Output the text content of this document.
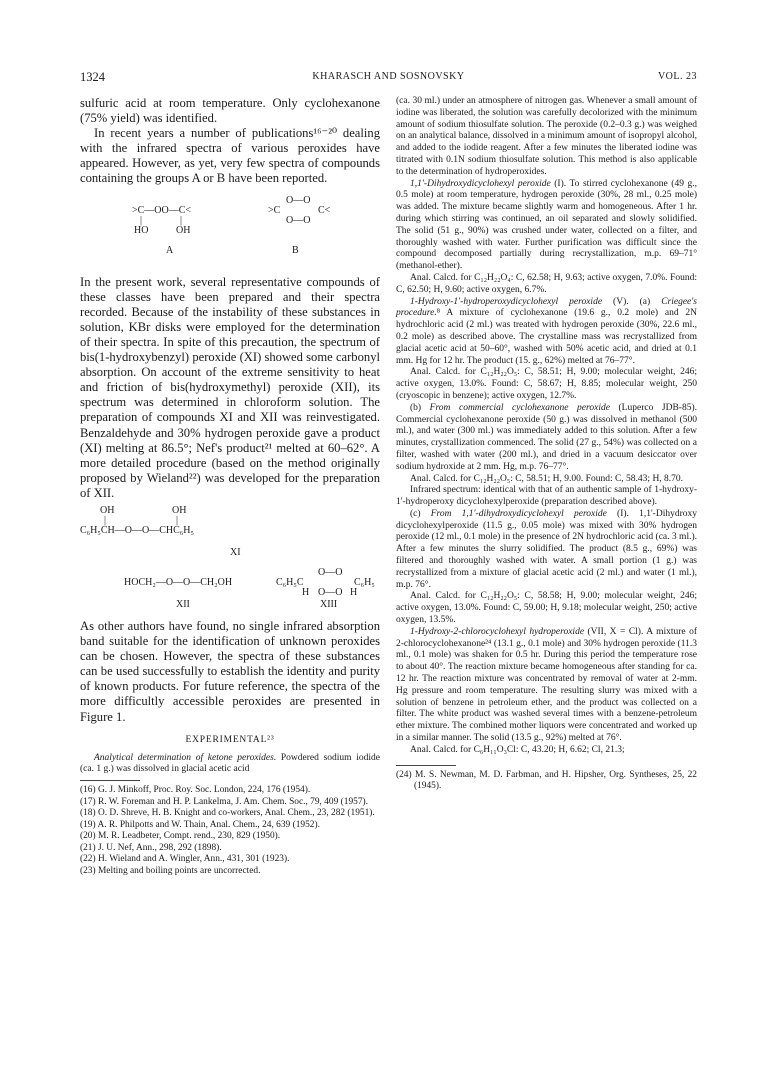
1324	KHARASCH AND SOSNOVSKY	VOL. 23

sulfuric acid at room temperature. Only cyclohexanone (75% yield) was identified.

In recent years a number of publications¹⁶⁻²⁰ dealing with the infrared spectra of various peroxides have appeared. However, as yet, very few spectra of compounds containing the groups A or B have been reported.

>C—OO—C<
|	|
HO	OH
A
O—O
>C	C<
O—O
B

In the present work, several representative compounds of these classes have been prepared and their spectra recorded. Because of the instability of these substances in solution, KBr disks were employed for the determination of their spectra. In spite of this precaution, the spectrum of bis(1-hydroxybenzyl) peroxide (XI) showed some carbonyl absorption. On account of the extreme sensitivity to heat and friction of bis(hydroxymethyl) peroxide (XII), its spectrum was determined in chloroform solution. The preparation of compounds XI and XII was reinvestigated. Benzaldehyde and 30% hydrogen peroxide gave a product (XI) melting at 86.5°; Nef's product²¹ melted at 60–62°. A more detailed procedure (based on the method originally proposed by Wieland²²) was developed for the preparation of XII.

OH	OH
|	|
C₆H₅CH—O—O—CHC₆H₅
XI
HOCH₂—O—O—CH₂OH
XII
O—O
C₆H₅C	C₆H₅
H O—O H
XIII

As other authors have found, no single infrared absorption band suitable for the identification of unknown peroxides can be chosen. However, the spectra of these substances can be used successfully to establish the identity and purity of known products. For future reference, the spectra of the more difficultly accessible peroxides are presented in Figure 1.

EXPERIMENTAL²³

Analytical determination of ketone peroxides. Powdered sodium iodide (ca. 1 g.) was dissolved in glacial acetic acid

(16) G. J. Minkoff, Proc. Roy. Soc. London, 224, 176 (1954).

(17) R. W. Foreman and H. P. Lankelma, J. Am. Chem. Soc., 79, 409 (1957).

(18) O. D. Shreve, H. B. Knight and co-workers, Anal. Chem., 23, 282 (1951).

(19) A. R. Philpotts and W. Thain, Anal. Chem., 24, 639 (1952).

(20) M. R. Leadbeter, Compt. rend., 230, 829 (1950).

(21) J. U. Nef, Ann., 298, 292 (1898).

(22) H. Wieland and A. Wingler, Ann., 431, 301 (1923).

(23) Melting and boiling points are uncorrected.

(ca. 30 ml.) under an atmosphere of nitrogen gas. Whenever a small amount of iodine was liberated, the solution was carefully decolorized with the minimum amount of sodium thiosulfate solution. The peroxide (0.2–0.3 g.) was weighed on an analytical balance, dissolved in a minimum amount of isopropyl alcohol, and added to the iodide reagent. After a few minutes the liberated iodine was titrated with 0.1N sodium thiosulfate solution. This method is also applicable to the determination of hydroperoxides.

1,1'-Dihydroxydicyclohexyl peroxide (I). To stirred cyclohexanone (49 g., 0.5 mole) at room temperature, hydrogen peroxide (30%, 28 ml., 0.25 mole) was added. The mixture became slightly warm and homogeneous. After 1 hr. during which stirring was continued, an oil separated and slowly solidified. The solid (51 g., 90%) was crushed under water, collected on a filter, and thoroughly washed with water. Further purification was difficult since the compound decomposed partially during recrystallization, m.p. 69–71° (methanol-ether).

Anal. Calcd. for C₁₂H₂₂O₄: C, 62.58; H, 9.63; active oxygen, 7.0%. Found: C, 62.50; H, 9.60; active oxygen, 6.7%.

1-Hydroxy-1'-hydroperoxydicyclohexyl peroxide (V). (a) Criegee's procedure.⁸ A mixture of cyclohexanone (19.6 g., 0.2 mole) and 2N hydrochloric acid (2 ml.) was treated with hydrogen peroxide (30%, 22.6 ml., 0.2 mole) as described above. The crystalline mass was recrystallized from glacial acetic acid at 50–60°, washed with 50% acetic acid, and dried at 0.1 mm. Hg for 12 hr. The product (15. g., 62%) melted at 76–77°.

Anal. Calcd. for C₁₂H₂₂O₅: C, 58.51; H, 9.00; molecular weight, 246; active oxygen, 13.0%. Found: C, 58.67; H, 8.85; molecular weight, 250 (cryoscopic in benzene); active oxygen, 12.7%.

(b) From commercial cyclohexanone peroxide (Luperco JDB-85). Commercial cyclohexanone peroxide (50 g.) was dissolved in methanol (500 ml.), and water (300 ml.) was immediately added to this solution. After a few minutes, crystallization commenced. The solid (27 g., 54%) was collected on a filter, washed with water (200 ml.), and dried in a vacuum desiccator over sodium hydroxide at 2 mm. Hg, m.p. 76–77°.

Anal. Calcd. for C₁₂H₂₂O₅: C, 58.51; H, 9.00. Found: C, 58.43; H, 8.70.

Infrared spectrum: identical with that of an authentic sample of 1-hydroxy-1'-hydroperoxy dicyclohexylperoxide (preparation described above).

(c) From 1,1'-dihydroxydicyclohexyl peroxide (I). 1,1'-Dihydroxy dicyclohexylperoxide (11.5 g., 0.05 mole) was mixed with 30% hydrogen peroxide (12 ml., 0.1 mole) in the presence of 2N hydrochloric acid (ca. 3 ml.). After a few minutes the slurry solidified. The product (8.5 g., 69%) was filtered and thoroughly washed with water. A small portion (1 g.) was recrystallized from a mixture of glacial acetic acid (2 ml.) and water (1 ml.), m.p. 76°.

Anal. Calcd. for C₁₂H₂₂O₅: C, 58.58; H, 9.00; molecular weight, 246; active oxygen, 13.0%. Found: C, 59.00; H, 9.18; molecular weight, 250; active oxygen, 13.5%.

1-Hydroxy-2-chlorocyclohexyl hydroperoxide (VII, X = Cl). A mixture of 2-chlorocyclohexanone²⁴ (13.1 g., 0.1 mole) and 30% hydrogen peroxide (11.3 ml., 0.1 mole) was shaken for 0.5 hr. During this period the temperature rose to about 40°. The reaction mixture became homogeneous after standing for ca. 12 hr. The reaction mixture was concentrated by removal of water at 2-mm. Hg pressure and room temperature. The resulting slurry was mixed with a solution of benzene in petroleum ether, and the product was collected on a filter. The white product was washed several times with a benzene-petroleum ether mixture. The combined mother liquors were concentrated and worked up in a similar manner. The solid (13.5 g., 92%) melted at 76°.

Anal. Calcd. for C₆H₁₁O₃Cl: C, 43.20; H, 6.62; Cl, 21.3;

(24) M. S. Newman, M. D. Farbman, and H. Hipsher, Org. Syntheses, 25, 22 (1945).
